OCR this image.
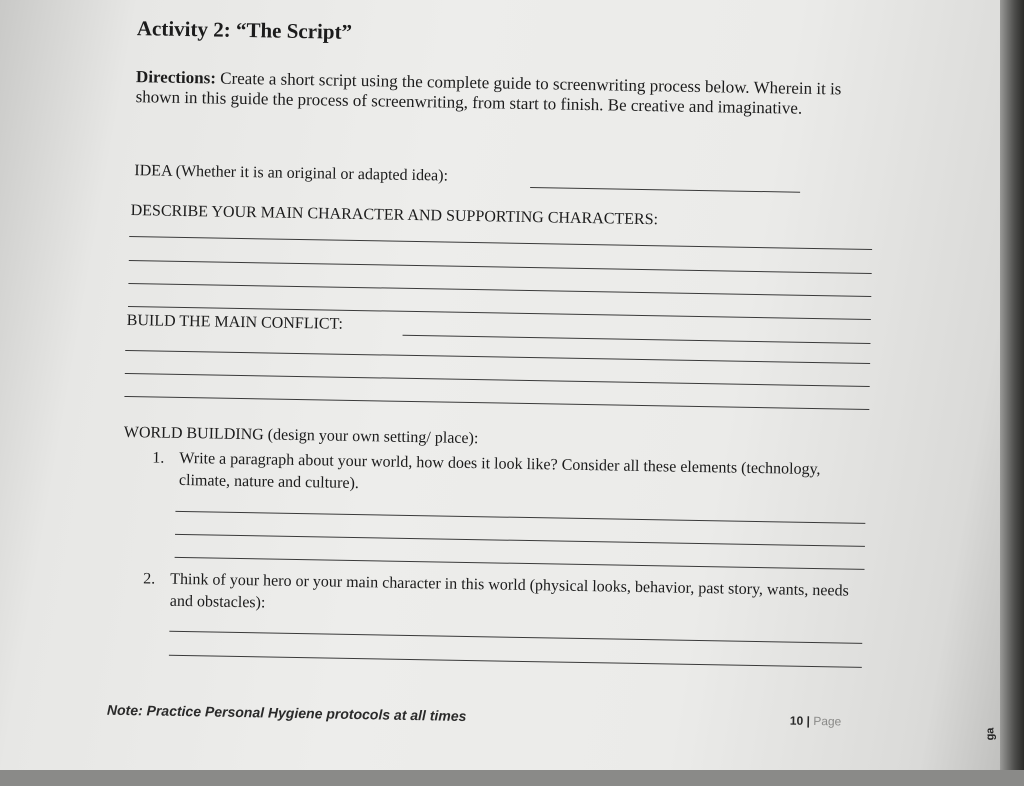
ga
Activity 2: “The Script”
Directions: Create a short script using the complete guide to screenwriting process below. Wherein it is shown in this guide the process of screenwriting, from start to finish. Be creative and imaginative.
IDEA (Whether it is an original or adapted idea):
DESCRIBE YOUR MAIN CHARACTER AND SUPPORTING CHARACTERS:
BUILD THE MAIN CONFLICT:
WORLD BUILDING (design your own setting/ place):
1. Write a paragraph about your world, how does it look like? Consider all these elements (technology, climate, nature and culture).
2. Think of your hero or your main character in this world (physical looks, behavior, past story, wants, needs and obstacles):
Note: Practice Personal Hygiene protocols at all times	10 | Page
